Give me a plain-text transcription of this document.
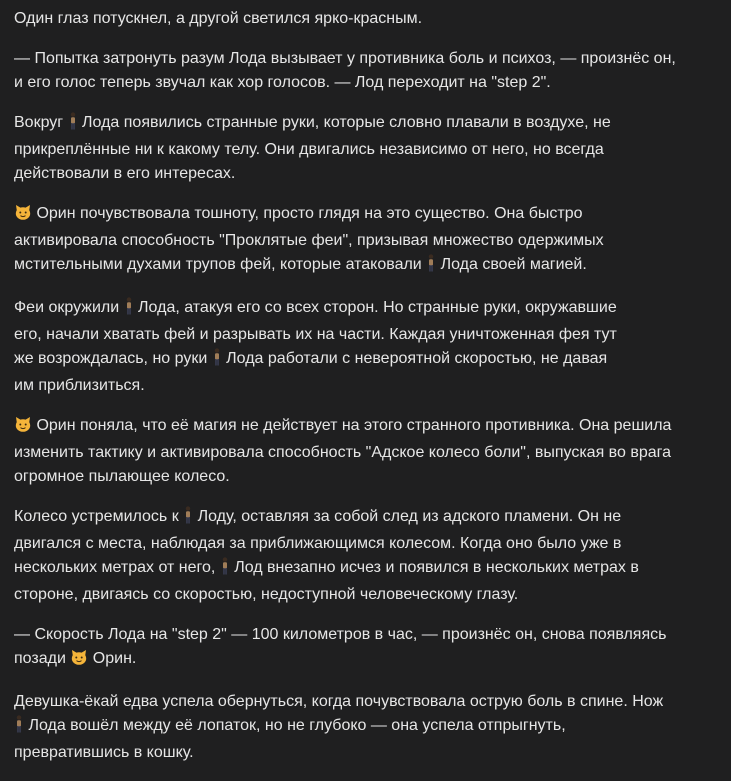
Один глаз потускнел, а другой светился ярко-красным.

— Попытка затронуть разум Лода вызывает у противника боль и психоз, — произнёс он,
и его голос теперь звучал как хор голосов. — Лод переходит на "step 2".

Вокруг  Лода появились странные руки, которые словно плавали в воздухе, не
прикреплённые ни к какому телу. Они двигались независимо от него, но всегда
действовали в его интересах.

Орин почувствовала тошноту, просто глядя на это существо. Она быстро
активировала способность "Проклятые феи", призывая множество одержимых
мстительными духами трупов фей, которые атаковали  Лода своей магией.

Феи окружили  Лода, атакуя его со всех сторон. Но странные руки, окружавшие
его, начали хватать фей и разрывать их на части. Каждая уничтоженная фея тут
же возрождалась, но руки  Лода работали с невероятной скоростью, не давая
им приблизиться.

Орин поняла, что её магия не действует на этого странного противника. Она решила
изменить тактику и активировала способность "Адское колесо боли", выпуская во врага
огромное пылающее колесо.

Колесо устремилось к  Лоду, оставляя за собой след из адского пламени. Он не
двигался с места, наблюдая за приближающимся колесом. Когда оно было уже в
нескольких метрах от него,  Лод внезапно исчез и появился в нескольких метрах в
стороне, двигаясь со скоростью, недоступной человеческому глазу.

— Скорость Лода на "step 2" — 100 километров в час, — произнёс он, снова появляясь
позади  Орин.

Девушка-ёкай едва успела обернуться, когда почувствовала острую боль в спине. Нож
Лода вошёл между её лопаток, но не глубоко — она успела отпрыгнуть,
превратившись в кошку.
